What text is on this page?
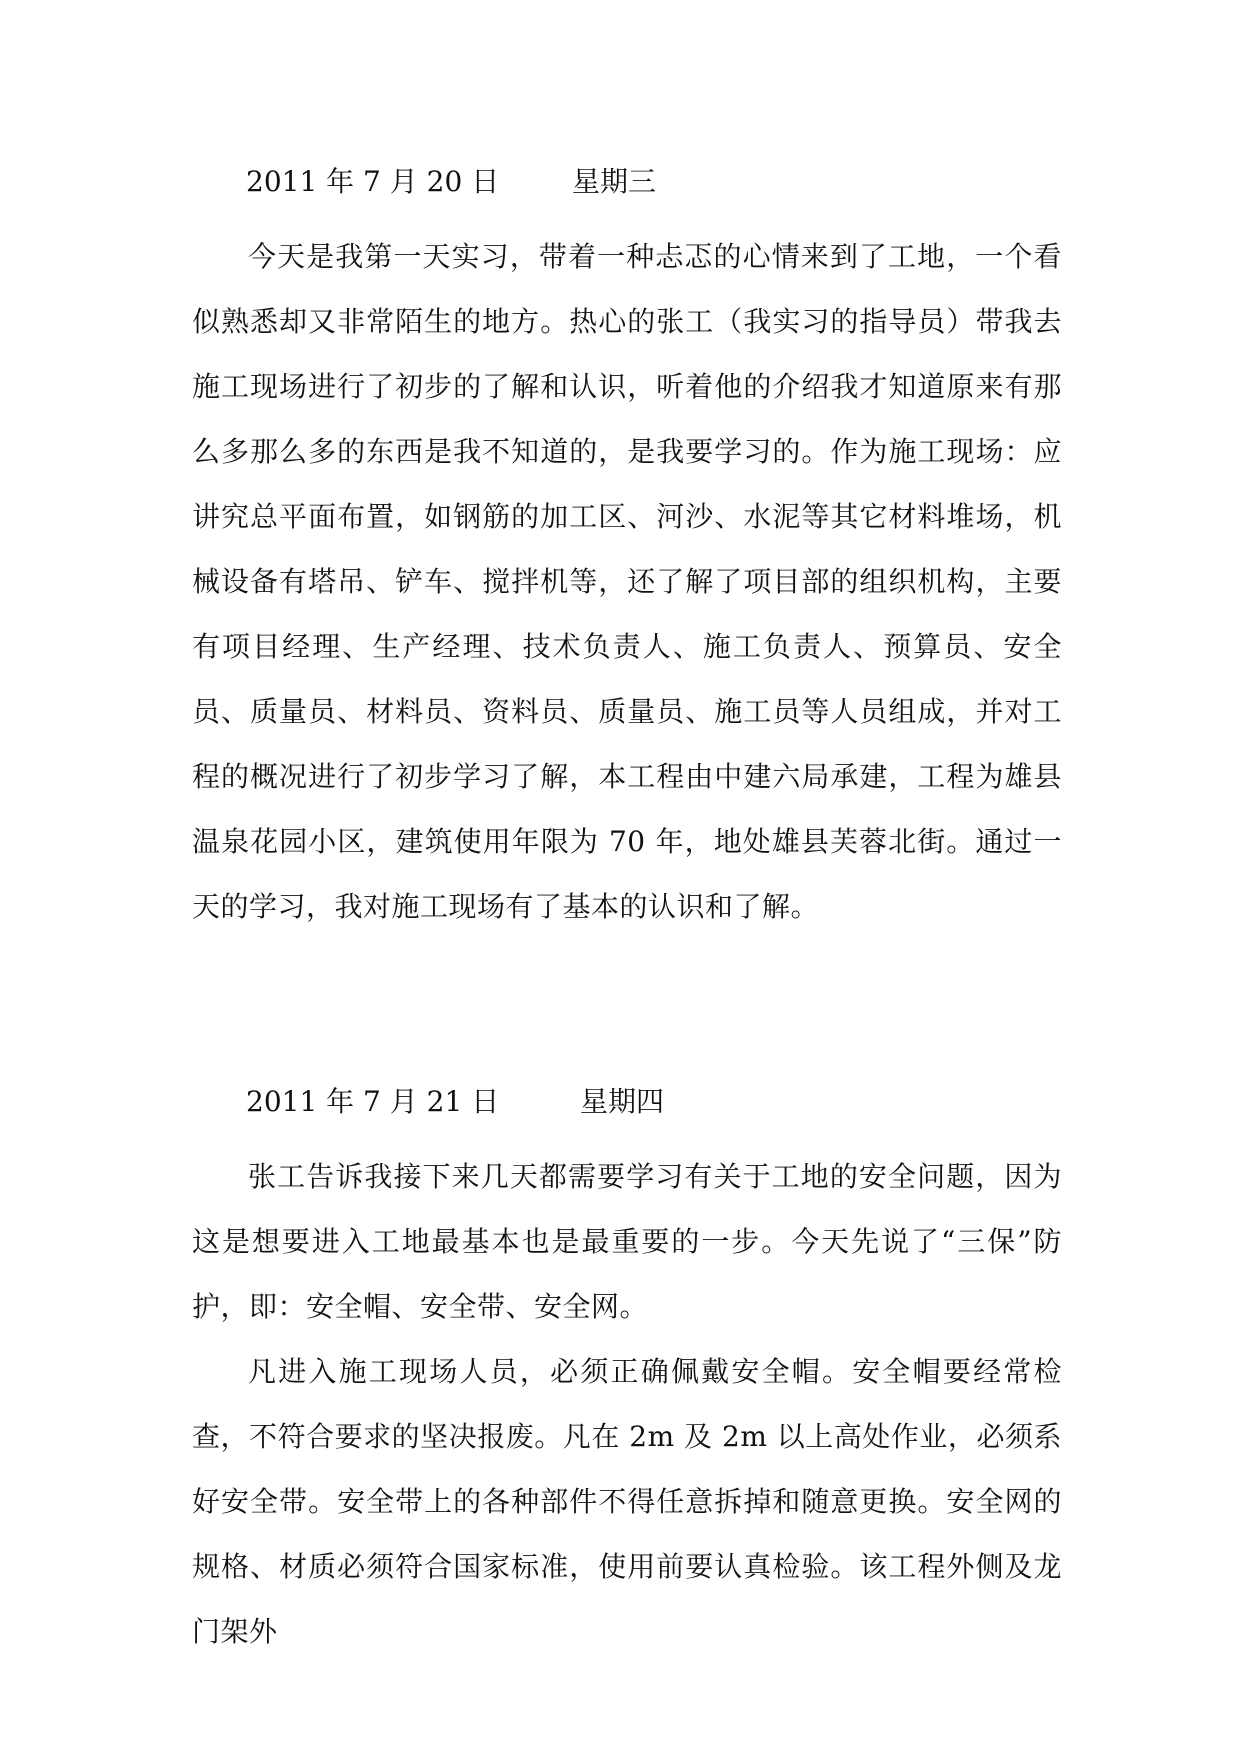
2011 年 7 月 20 日	星期三

今天是我第一天实习，带着一种忐忑的心情来到了工地，一个看似熟悉却又非常陌生的地方。热心的张工（我实习的指导员）带我去施工现场进行了初步的了解和认识，听着他的介绍我才知道原来有那么多那么多的东西是我不知道的，是我要学习的。作为施工现场：应讲究总平面布置，如钢筋的加工区、河沙、水泥等其它材料堆场，机械设备有塔吊、铲车、搅拌机等，还了解了项目部的组织机构，主要有项目经理、生产经理、技术负责人、施工负责人、预算员、安全员、质量员、材料员、资料员、质量员、施工员等人员组成，并对工程的概况进行了初步学习了解，本工程由中建六局承建，工程为雄县温泉花园小区，建筑使用年限为 70 年，地处雄县芙蓉北街。通过一天的学习，我对施工现场有了基本的认识和了解。

2011 年 7 月 21 日	星期四

张工告诉我接下来几天都需要学习有关于工地的安全问题，因为这是想要进入工地最基本也是最重要的一步。今天先说了“三保”防护，即：安全帽、安全带、安全网。

凡进入施工现场人员，必须正确佩戴安全帽。安全帽要经常检查，不符合要求的坚决报废。凡在 2m 及 2m 以上高处作业，必须系好安全带。安全带上的各种部件不得任意拆掉和随意更换。安全网的规格、材质必须符合国家标准，使用前要认真检验。该工程外侧及龙门架外
